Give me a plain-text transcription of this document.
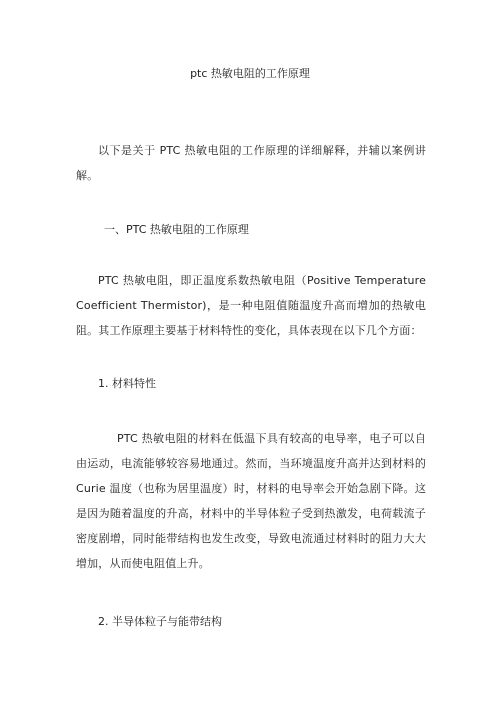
ptc 热敏电阻的工作原理

以下是关于 PTC 热敏电阻的工作原理的详细解释，并辅以案例讲解。

一、PTC 热敏电阻的工作原理

PTC 热敏电阻，即正温度系数热敏电阻（Positive Temperature Coefficient Thermistor)，是一种电阻值随温度升高而增加的热敏电阻。其工作原理主要基于材料特性的变化，具体表现在以下几个方面：

1. 材料特性

PTC 热敏电阻的材料在低温下具有较高的电导率，电子可以自由运动，电流能够较容易地通过。然而，当环境温度升高并达到材料的 Curie 温度（也称为居里温度）时，材料的电导率会开始急剧下降。这是因为随着温度的升高，材料中的半导体粒子受到热激发，电荷载流子密度剧增，同时能带结构也发生改变，导致电流通过材料时的阻力大大增加，从而使电阻值上升。

2. 半导体粒子与能带结构
